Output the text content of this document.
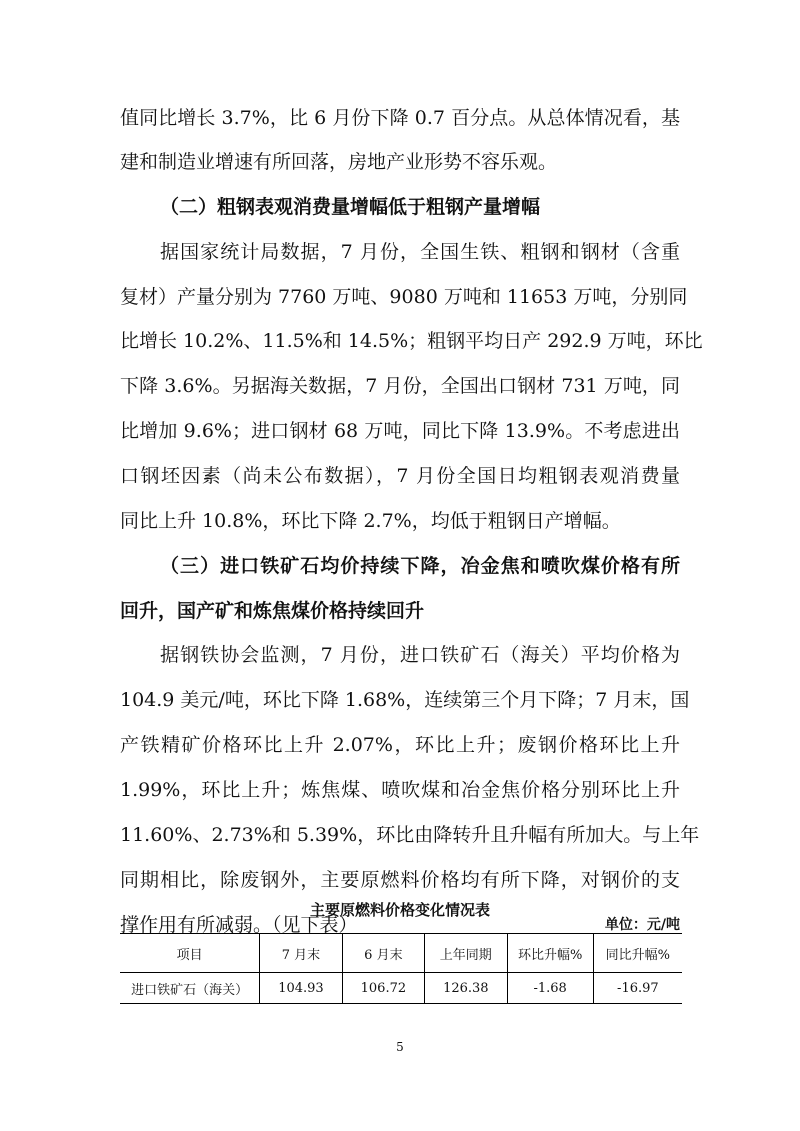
值同比增长 3.7%，比 6 月份下降 0.7 百分点。从总体情况看，基
建和制造业增速有所回落，房地产业形势不容乐观。
（二）粗钢表观消费量增幅低于粗钢产量增幅
据国家统计局数据，7 月份，全国生铁、粗钢和钢材（含重
复材）产量分别为 7760 万吨、9080 万吨和 11653 万吨，分别同
比增长 10.2%、11.5%和 14.5%；粗钢平均日产 292.9 万吨，环比
下降 3.6%。另据海关数据，7 月份，全国出口钢材 731 万吨，同
比增加 9.6%；进口钢材 68 万吨，同比下降 13.9%。不考虑进出
口钢坯因素（尚未公布数据），7 月份全国日均粗钢表观消费量
同比上升 10.8%，环比下降 2.7%，均低于粗钢日产增幅。
（三）进口铁矿石均价持续下降，冶金焦和喷吹煤价格有所
回升，国产矿和炼焦煤价格持续回升
据钢铁协会监测，7 月份，进口铁矿石（海关）平均价格为
104.9 美元/吨，环比下降 1.68%，连续第三个月下降；7 月末，国
产铁精矿价格环比上升 2.07%，环比上升；废钢价格环比上升
1.99%，环比上升；炼焦煤、喷吹煤和冶金焦价格分别环比上升
11.60%、2.73%和 5.39%，环比由降转升且升幅有所加大。与上年
同期相比，除废钢外，主要原燃料价格均有所下降，对钢价的支
撑作用有所减弱。（见下表）
主要原燃料价格变化情况表
单位：元/吨
项目	7 月末	6 月末	上年同期	环比升幅%	同比升幅%
进口铁矿石（海关）	104.93	106.72	126.38	-1.68	-16.97
5
